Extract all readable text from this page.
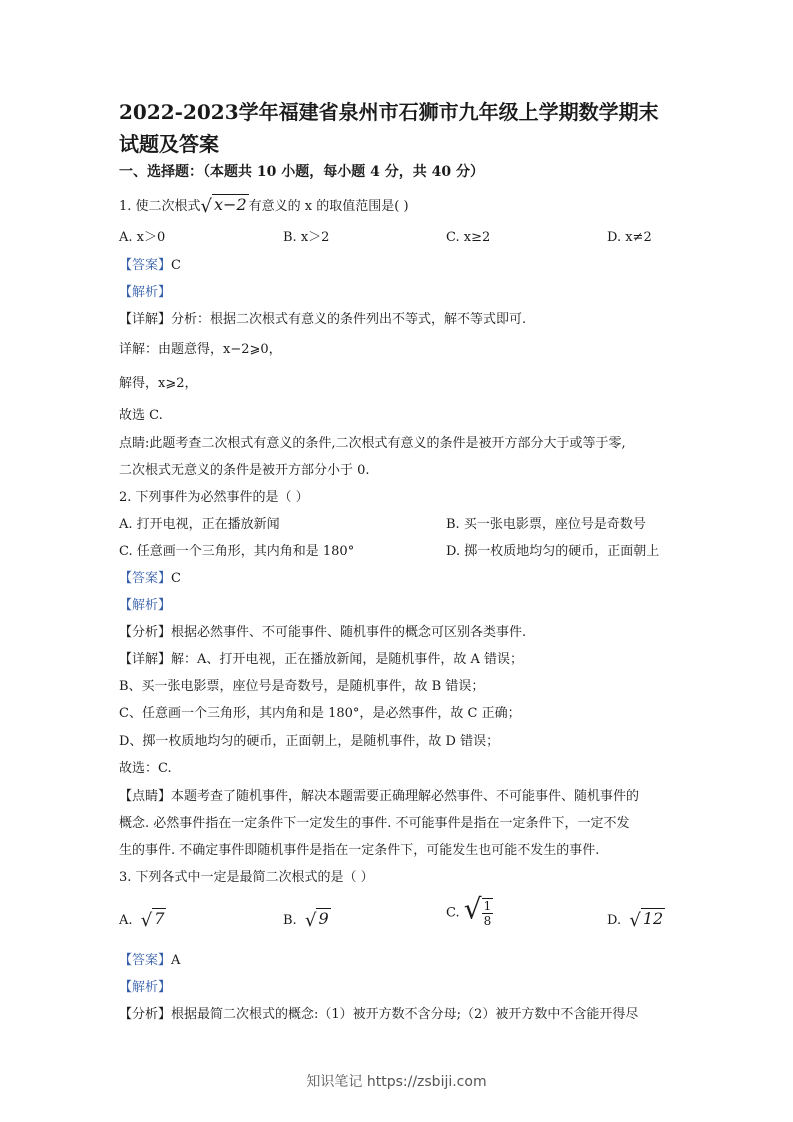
2022-2023学年福建省泉州市石狮市九年级上学期数学期末
试题及答案
一、选择题：（本题共 10 小题，每小题 4 分，共 40 分）
1. 使二次根式√ x−2 有意义的 x 的取值范围是( )
A. x＞0	B. x＞2	C. x≥2	D. x≠2
【答案】C
【解析】
【详解】分析：根据二次根式有意义的条件列出不等式，解不等式即可.
详解：由题意得，x−2⩾0，
解得，x⩾2，
故选 C.
点睛:此题考查二次根式有意义的条件,二次根式有意义的条件是被开方部分大于或等于零,
二次根式无意义的条件是被开方部分小于 0.
2. 下列事件为必然事件的是（ ）
A. 打开电视，正在播放新闻	B. 买一张电影票，座位号是奇数号
C. 任意画一个三角形，其内角和是 180°	D. 掷一枚质地均匀的硬币，正面朝上
【答案】C
【解析】
【分析】根据必然事件、不可能事件、随机事件的概念可区别各类事件.
【详解】解：A、打开电视，正在播放新闻，是随机事件，故 A 错误；
B、买一张电影票，座位号是奇数号，是随机事件，故 B 错误；
C、任意画一个三角形，其内角和是 180°，是必然事件，故 C 正确；
D、掷一枚质地均匀的硬币，正面朝上，是随机事件，故 D 错误；
故选：C.
【点睛】本题考查了随机事件，解决本题需要正确理解必然事件、不可能事件、随机事件的
概念. 必然事件指在一定条件下一定发生的事件. 不可能事件是指在一定条件下，一定不发
生的事件. 不确定事件即随机事件是指在一定条件下，可能发生也可能不发生的事件.
3. 下列各式中一定是最简二次根式的是（ ）
A. √ 7	B. √ 9	C. √ $\frac{1}{8}$	D. √ 12
【答案】A
【解析】
【分析】根据最简二次根式的概念:（1）被开方数不含分母;（2）被开方数中不含能开得尽
知识笔记 https://zsbiji.com
